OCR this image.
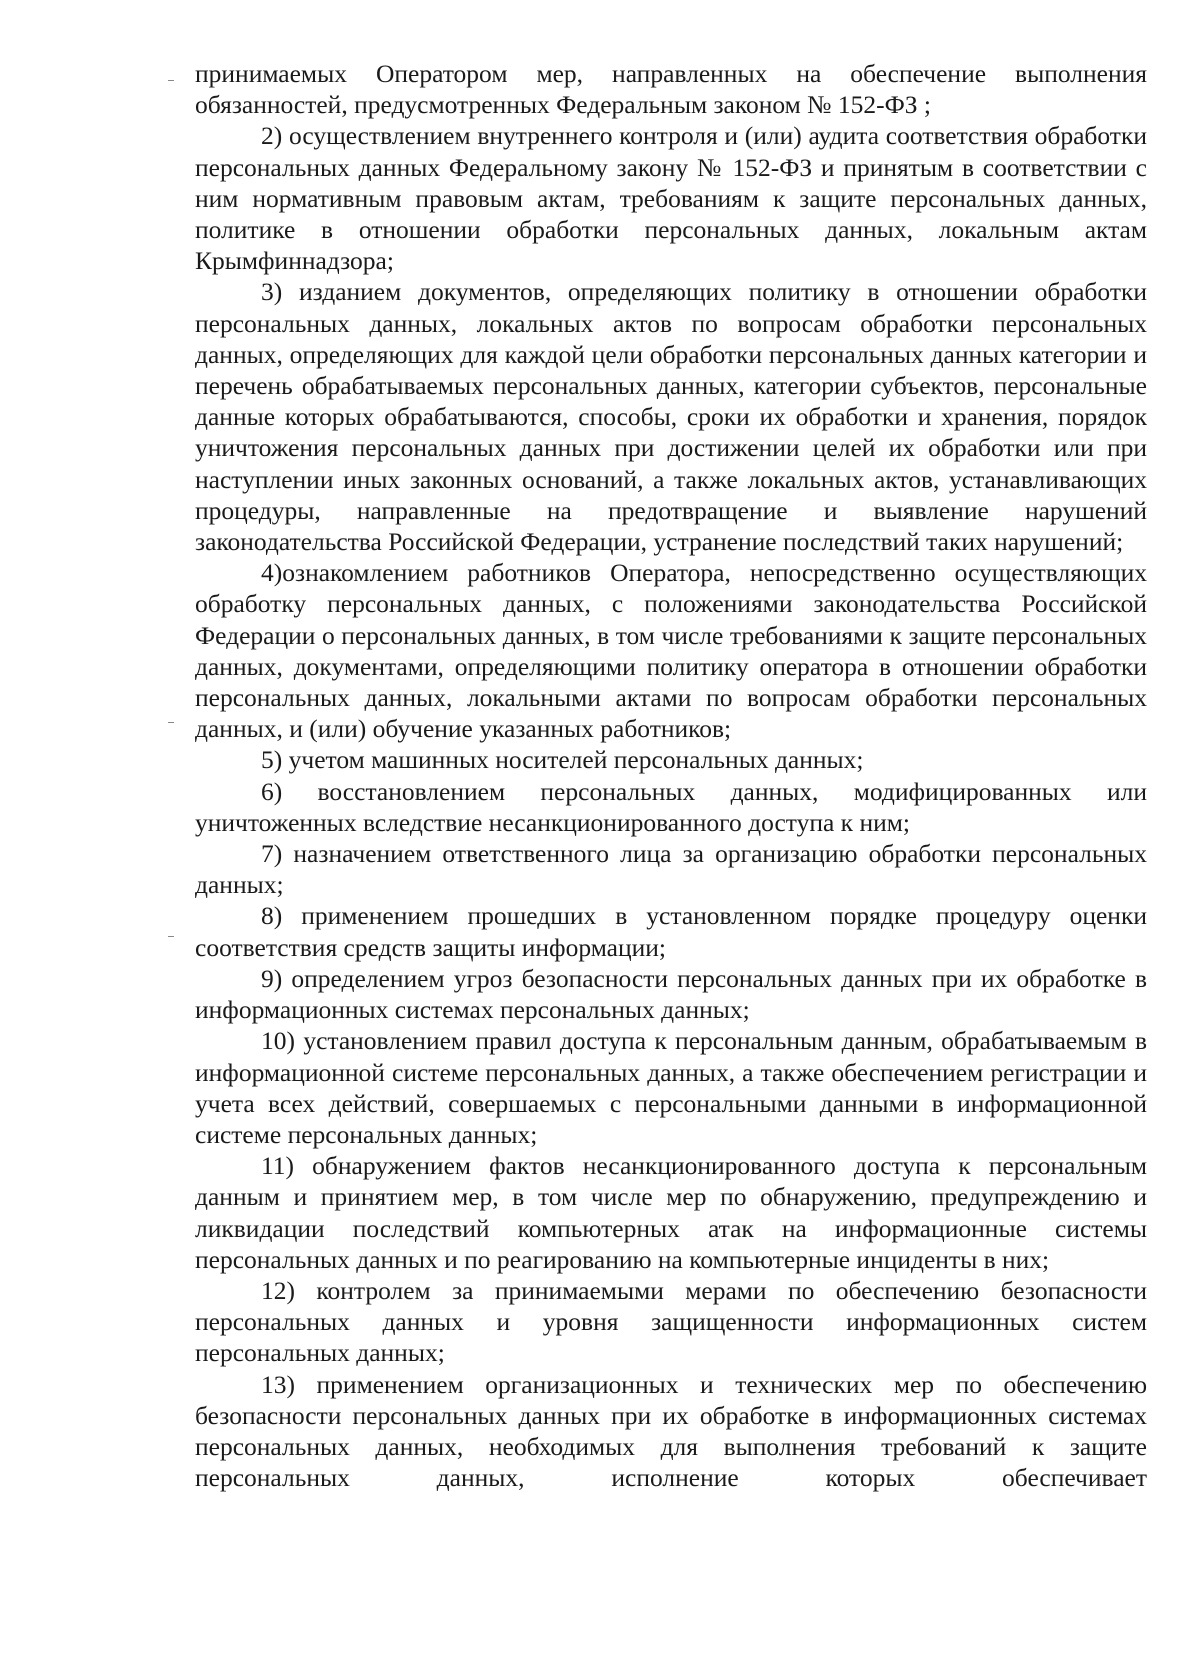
принимаемых Оператором мер, направленных на обеспечение выполнения обязанностей, предусмотренных Федеральным законом № 152-ФЗ ;

2) осуществлением внутреннего контроля и (или) аудита соответствия обработки персональных данных Федеральному закону № 152-ФЗ и принятым в соответствии с ним нормативным правовым актам, требованиям к защите персональных данных, политике в отношении обработки персональных данных, локальным актам Крымфиннадзора;

3) изданием документов, определяющих политику в отношении обработки персональных данных, локальных актов по вопросам обработки персональных данных, определяющих для каждой цели обработки персональных данных категории и перечень обрабатываемых персональных данных, категории субъектов, персональные данные которых обрабатываются, способы, сроки их обработки и хранения, порядок уничтожения персональных данных при достижении целей их обработки или при наступлении иных законных оснований, а также локальных актов, устанавливающих процедуры, направленные на предотвращение и выявление нарушений законодательства Российской Федерации, устранение последствий таких нарушений;

4)ознакомлением работников Оператора, непосредственно осуществляющих обработку персональных данных, с положениями законодательства Российской Федерации о персональных данных, в том числе требованиями к защите персональных данных, документами, определяющими политику оператора в отношении обработки персональных данных, локальными актами по вопросам обработки персональных данных, и (или) обучение указанных работников;

5) учетом машинных носителей персональных данных;

6) восстановлением персональных данных, модифицированных или уничтоженных вследствие несанкционированного доступа к ним;

7) назначением ответственного лица за организацию обработки персональных данных;

8) применением прошедших в установленном порядке процедуру оценки соответствия средств защиты информации;

9) определением угроз безопасности персональных данных при их обработке в информационных системах персональных данных;

10) установлением правил доступа к персональным данным, обрабатываемым в информационной системе персональных данных, а также обеспечением регистрации и учета всех действий, совершаемых с персональными данными в информационной системе персональных данных;

11) обнаружением фактов несанкционированного доступа к персональным данным и принятием мер, в том числе мер по обнаружению, предупреждению и ликвидации последствий компьютерных атак на информационные системы персональных данных и по реагированию на компьютерные инциденты в них;

12) контролем за принимаемыми мерами по обеспечению безопасности персональных данных и уровня защищенности информационных систем персональных данных;

13) применением организационных и технических мер по обеспечению безопасности персональных данных при их обработке в информационных системах персональных данных, необходимых для выполнения требований к защите персональных данных, исполнение которых обеспечивает
